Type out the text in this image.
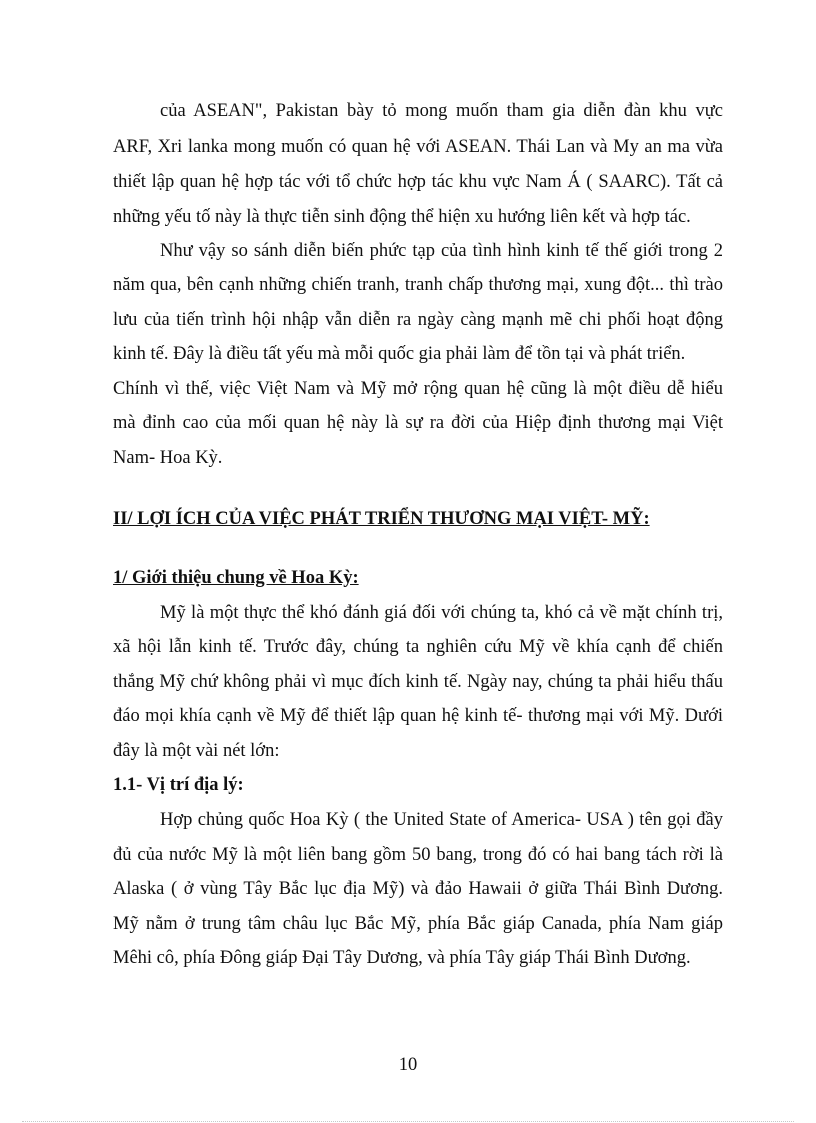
của ASEAN", Pakistan bày tỏ mong muốn tham gia diễn đàn khu vực
ARF, Xri lanka mong muốn có quan hệ với ASEAN. Thái Lan và My an ma vừa
thiết lập quan hệ hợp tác với tổ chức hợp tác khu vực Nam Á ( SAARC). Tất cả
những yếu tố này là thực tiễn sinh động thể hiện xu hướng liên kết và hợp tác.
Như vậy so sánh diễn biến phức tạp của tình hình kinh tế thế giới trong 2
năm qua, bên cạnh những chiến tranh, tranh chấp thương mại, xung đột... thì trào
lưu của tiến trình hội nhập vẫn diễn ra ngày càng mạnh mẽ chi phối hoạt động
kinh tế. Đây là điều tất yếu mà mỗi quốc gia phải làm để tồn tại và phát triển.
Chính vì thế, việc Việt Nam và Mỹ mở rộng quan hệ cũng là một điều dễ hiểu
mà đỉnh cao của mối quan hệ này là sự ra đời của Hiệp định thương mại Việt
Nam- Hoa Kỳ.
II/ LỢI ÍCH CỦA VIỆC PHÁT TRIỂN THƯƠNG MẠI VIỆT- MỸ:
1/ Giới thiệu chung về Hoa Kỳ:
Mỹ là một thực thể khó đánh giá đối với chúng ta, khó cả về mặt chính trị,
xã hội lẫn kinh tế. Trước đây, chúng ta nghiên cứu Mỹ về khía cạnh để chiến
thắng Mỹ chứ không phải vì mục đích kinh tế. Ngày nay, chúng ta phải hiểu thấu
đáo mọi khía cạnh về Mỹ để thiết lập quan hệ kinh tế- thương mại với Mỹ. Dưới
đây là một vài nét lớn:
1.1- Vị trí địa lý:
Hợp chủng quốc Hoa Kỳ ( the United State of America- USA ) tên gọi đầy
đủ của nước Mỹ là một liên bang gồm 50 bang, trong đó có hai bang tách rời là
Alaska ( ở vùng Tây Bắc lục địa Mỹ) và đảo Hawaii ở giữa Thái Bình Dương.
Mỹ nằm ở trung tâm châu lục Bắc Mỹ, phía Bắc giáp Canada, phía Nam giáp
Mêhi cô, phía Đông giáp Đại Tây Dương, và phía Tây giáp Thái Bình Dương.
10
